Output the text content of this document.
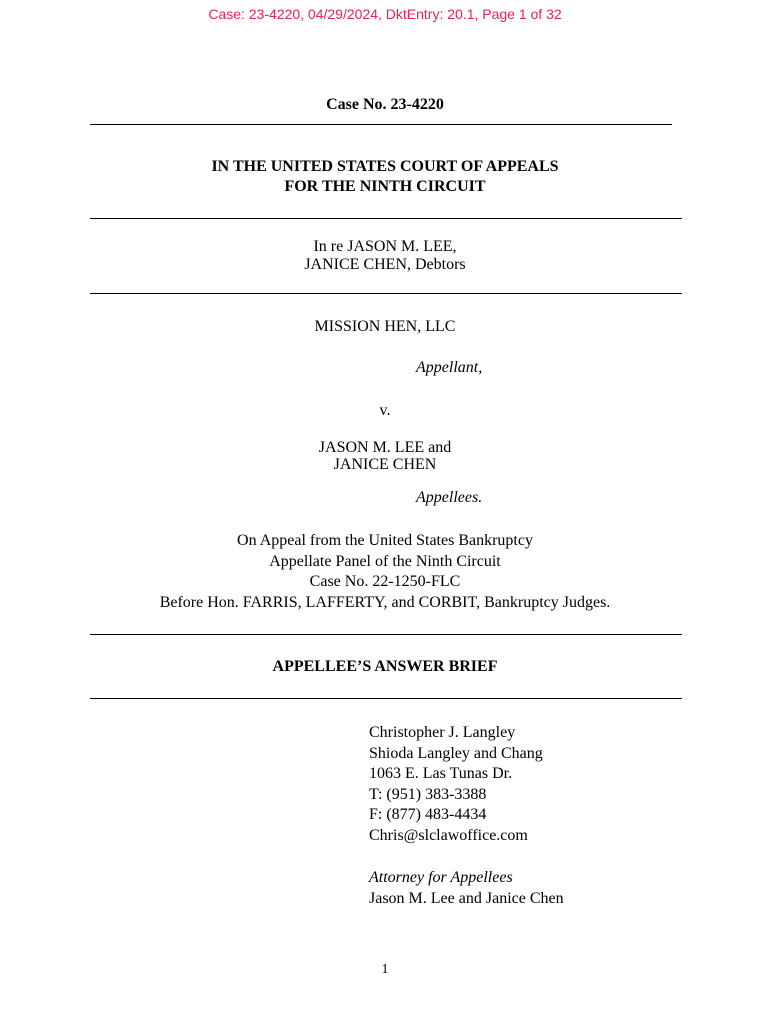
Case: 23-4220, 04/29/2024, DktEntry: 20.1, Page 1 of 32
Case No. 23-4220
IN THE UNITED STATES COURT OF APPEALS
FOR THE NINTH CIRCUIT
In re JASON M. LEE,
JANICE CHEN, Debtors
MISSION HEN, LLC
Appellant,
v.
JASON M. LEE and
JANICE CHEN
Appellees.
On Appeal from the United States Bankruptcy
Appellate Panel of the Ninth Circuit
Case No. 22-1250-FLC
Before Hon. FARRIS, LAFFERTY, and CORBIT, Bankruptcy Judges.
APPELLEE’S ANSWER BRIEF
Christopher J. Langley
Shioda Langley and Chang
1063 E. Las Tunas Dr.
T: (951) 383-3388
F: (877) 483-4434
Chris@slclawoffice.com
Attorney for Appellees
Jason M. Lee and Janice Chen
1
